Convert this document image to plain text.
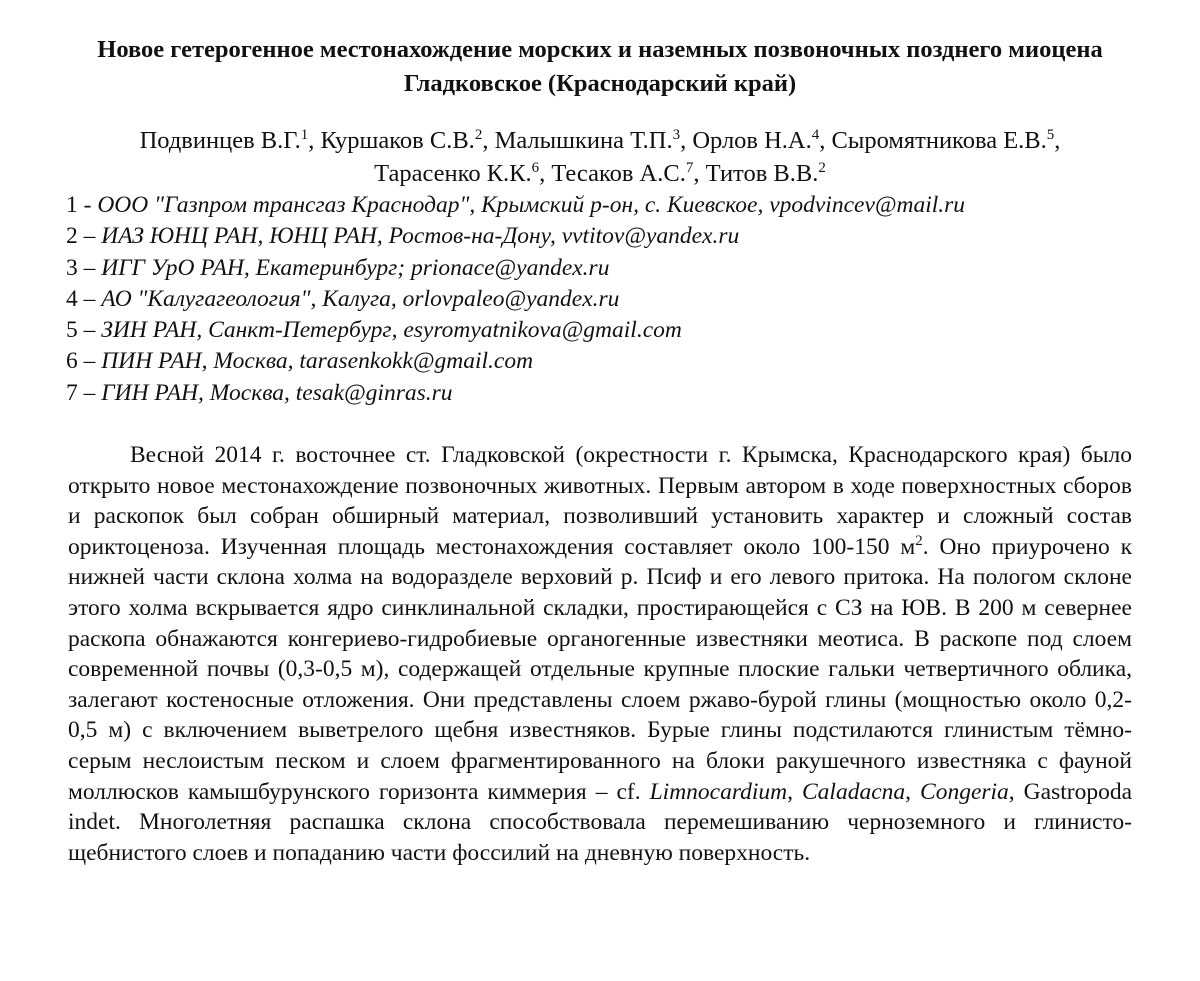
Новое гетерогенное местонахождение морских и наземных позвоночных позднего миоцена Гладковское (Краснодарский край)

Подвинцев В.Г.$^1$, Куршаков С.В.$^2$, Малышкина Т.П.$^3$, Орлов Н.А.$^4$, Сыромятникова Е.В.$^5$,
Тарасенко К.К.$^6$, Тесаков А.С.$^7$, Титов В.В.$^2$

1 - ООО "Газпром трансгаз Краснодар", Крымский р-он, с. Киевское, vpodvincev@mail.ru
2 – ИАЗ ЮНЦ РАН, ЮНЦ РАН, Ростов-на-Дону, vvtitov@yandex.ru
3 – ИГГ УрО РАН, Екатеринбург; prionace@yandex.ru
4 – АО "Калугагеология", Калуга, orlovpaleo@yandex.ru
5 – ЗИН РАН, Санкт-Петербург, esyromyatnikova@gmail.com
6 – ПИН РАН, Москва, tarasenkokk@gmail.com
7 – ГИН РАН, Москва, tesak@ginras.ru

Весной 2014 г. восточнее ст. Гладковской (окрестности г. Крымска, Краснодарского края) было открыто новое местонахождение позвоночных животных. Первым автором в ходе поверхностных сборов и раскопок был собран обширный материал, позволивший установить характер и сложный состав ориктоценоза. Изученная площадь местонахождения составляет около 100-150 $м^2$. Оно приурочено к нижней части склона холма на водоразделе верховий р. Псиф и его левого притока. На пологом склоне этого холма вскрывается ядро синклинальной складки, простирающейся с СЗ на ЮВ. В 200 м севернее раскопа обнажаются конгериево-гидробиевые органогенные известняки меотиса. В раскопе под слоем современной почвы (0,3-0,5 м), содержащей отдельные крупные плоские гальки четвертичного облика, залегают костеносные отложения. Они представлены слоем ржаво-бурой глины (мощностью около 0,2-0,5 м) с включением выветрелого щебня известняков. Бурые глины подстилаются глинистым тёмно-серым неслоистым песком и слоем фрагментированного на блоки ракушечного известняка с фауной моллюсков камышбурунского горизонта киммерия – cf. Limnocardium, Caladacna, Congeria, Gastropoda indet. Многолетняя распашка склона способствовала перемешиванию черноземного и глинисто-щебнистого слоев и попаданию части фоссилий на дневную поверхность.
